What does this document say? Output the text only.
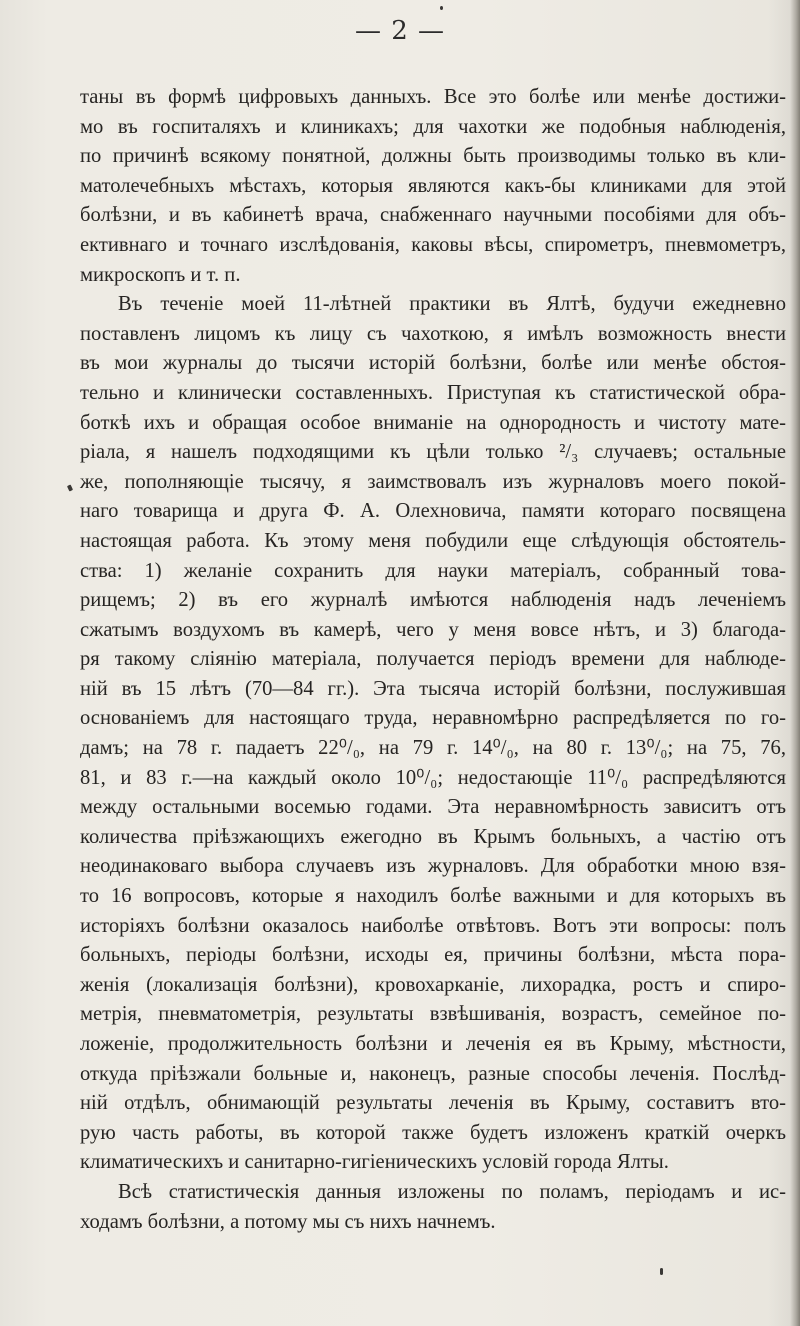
— 2 —
таны въ формѣ цифровыхъ данныхъ. Все это болѣе или менѣе достижи-
мо въ госпиталяхъ и клиникахъ; для чахотки же подобныя наблюденія,
по причинѣ всякому понятной, должны быть производимы только въ кли-
матолечебныхъ мѣстахъ, которыя являются какъ-бы клиниками для этой
болѣзни, и въ кабинетѣ врача, снабженнаго научными пособіями для объ-
ективнаго и точнаго изслѣдованія, каковы вѣсы, спирометръ, пневмометръ,
микроскопъ и т. п.
Въ теченіе моей 11-лѣтней практики въ Ялтѣ, будучи ежедневно
поставленъ лицомъ къ лицу съ чахоткою, я имѣлъ возможность внести
въ мои журналы до тысячи исторій болѣзни, болѣе или менѣе обстоя-
тельно и клинически составленныхъ. Приступая къ статистической обра-
боткѣ ихъ и обращая особое вниманіе на однородность и чистоту мате-
ріала, я нашелъ подходящими къ цѣли только ²/₃ случаевъ; остальные
же, пополняющіе тысячу, я заимствовалъ изъ журналовъ моего покой-
наго товарища и друга Ф. А. Олехновича, памяти котораго посвящена
настоящая работа. Къ этому меня побудили еще слѣдующія обстоятель-
ства: 1) желаніе сохранить для науки матеріалъ, собранный това-
рищемъ; 2) въ его журналѣ имѣются наблюденія надъ леченіемъ
сжатымъ воздухомъ въ камерѣ, чего у меня вовсе нѣтъ, и 3) благода-
ря такому сліянію матеріала, получается періодъ времени для наблюде-
ній въ 15 лѣтъ (70—84 гг.). Эта тысяча исторій болѣзни, послужившая
основаніемъ для настоящаго труда, неравномѣрно распредѣляется по го-
дамъ; на 78 г. падаетъ 22⁰/₀, на 79 г. 14⁰/₀, на 80 г. 13⁰/₀; на 75, 76,
81, и 83 г.—на каждый около 10⁰/₀; недостающіе 11⁰/₀ распредѣляются
между остальными восемью годами. Эта неравномѣрность зависитъ отъ
количества пріѣзжающихъ ежегодно въ Крымъ больныхъ, а частію отъ
неодинаковаго выбора случаевъ изъ журналовъ. Для обработки мною взя-
то 16 вопросовъ, которые я находилъ болѣе важными и для которыхъ въ
исторіяхъ болѣзни оказалось наиболѣе отвѣтовъ. Вотъ эти вопросы: полъ
больныхъ, періоды болѣзни, исходы ея, причины болѣзни, мѣста пора-
женія (локализація болѣзни), кровохарканіе, лихорадка, ростъ и спиро-
метрія, пневматометрія, результаты взвѣшиванія, возрастъ, семейное по-
ложеніе, продолжительность болѣзни и леченія ея въ Крыму, мѣстности,
откуда пріѣзжали больные и, наконецъ, разные способы леченія. Послѣд-
ній отдѣлъ, обнимающій результаты леченія въ Крыму, составитъ вто-
рую часть работы, въ которой также будетъ изложенъ краткій очеркъ
климатическихъ и санитарно-гигіеническихъ условій города Ялты.
Всѣ статистическія данныя изложены по поламъ, періодамъ и ис-
ходамъ болѣзни, а потому мы съ нихъ начнемъ.
